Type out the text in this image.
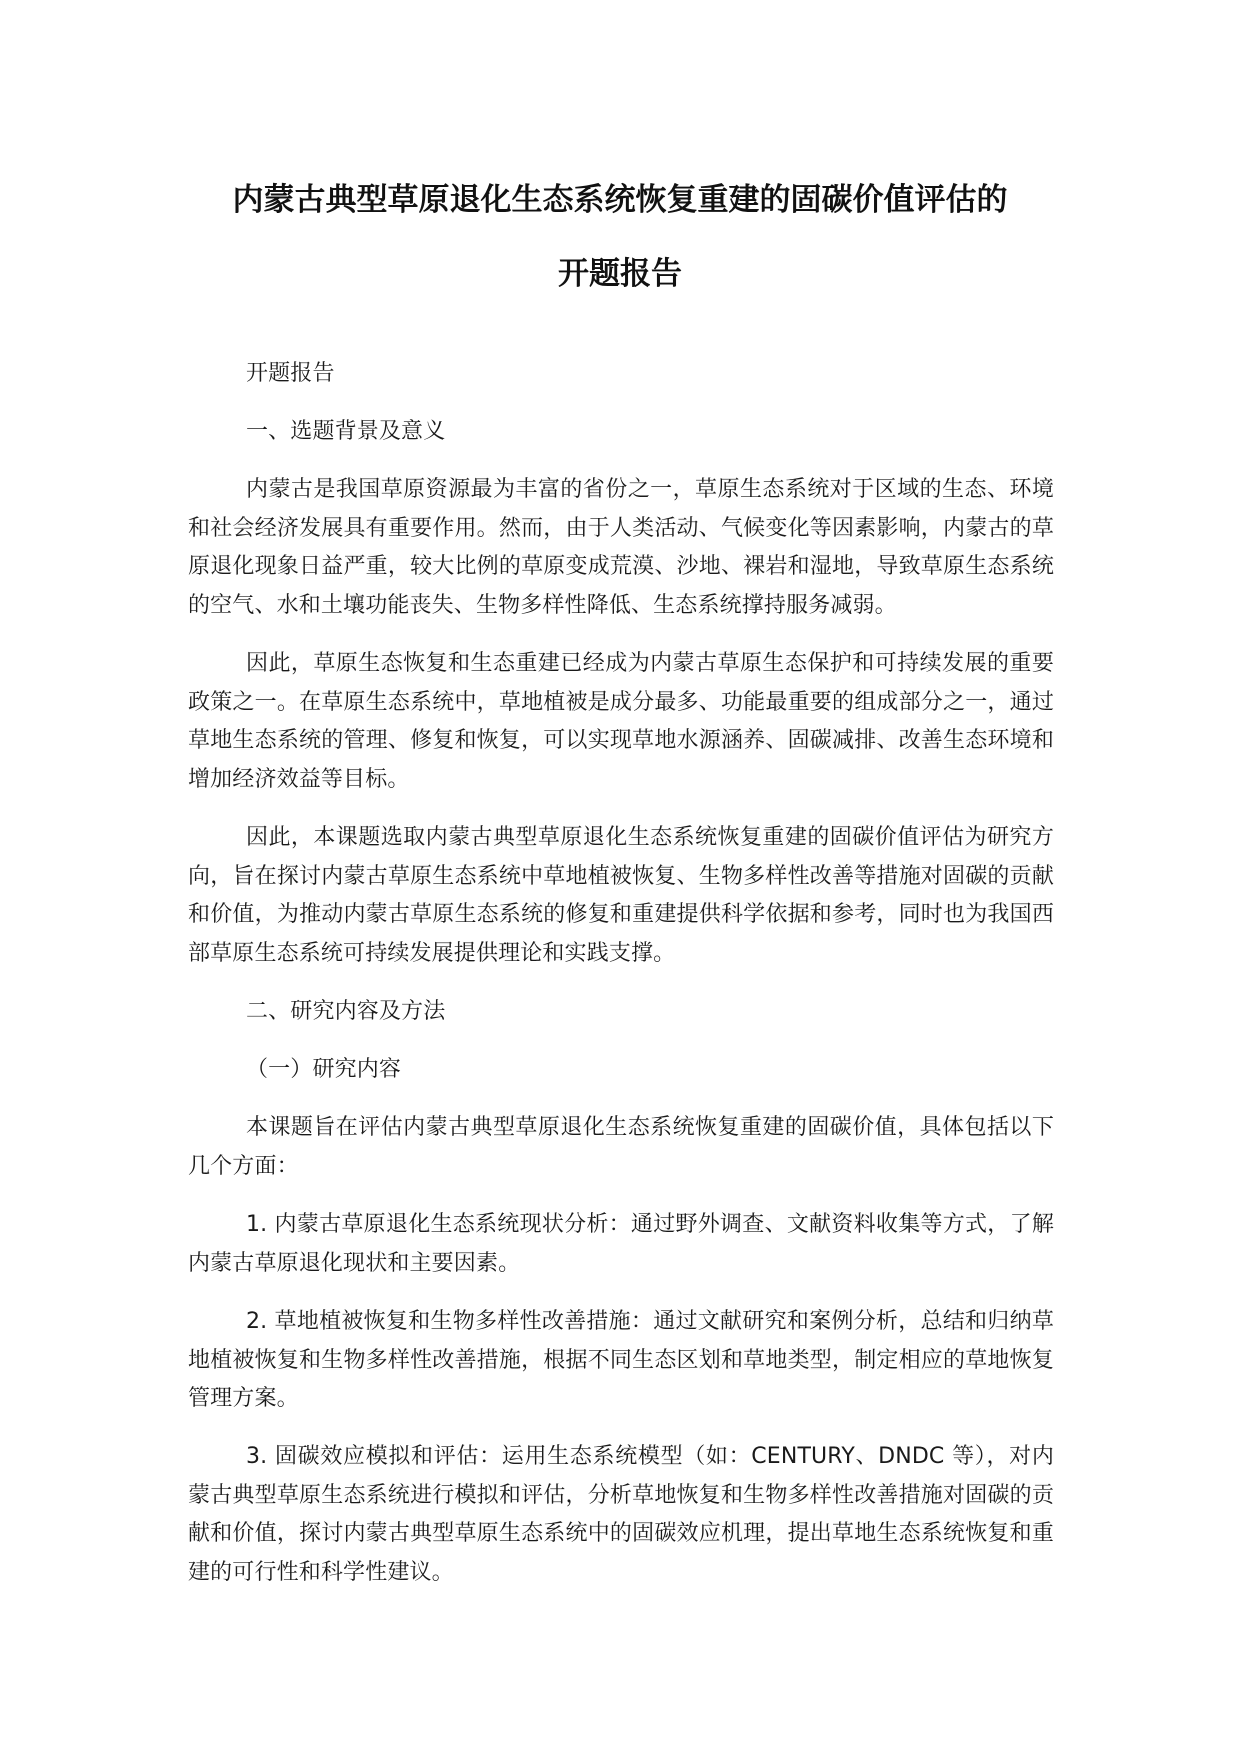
内蒙古典型草原退化生态系统恢复重建的固碳价值评估的
开题报告

开题报告

一、选题背景及意义

内蒙古是我国草原资源最为丰富的省份之一，草原生态系统对于区域的生态、环境和社会经济发展具有重要作用。然而，由于人类活动、气候变化等因素影响，内蒙古的草原退化现象日益严重，较大比例的草原变成荒漠、沙地、裸岩和湿地，导致草原生态系统的空气、水和土壤功能丧失、生物多样性降低、生态系统撑持服务减弱。

因此，草原生态恢复和生态重建已经成为内蒙古草原生态保护和可持续发展的重要政策之一。在草原生态系统中，草地植被是成分最多、功能最重要的组成部分之一，通过草地生态系统的管理、修复和恢复，可以实现草地水源涵养、固碳减排、改善生态环境和增加经济效益等目标。

因此，本课题选取内蒙古典型草原退化生态系统恢复重建的固碳价值评估为研究方向，旨在探讨内蒙古草原生态系统中草地植被恢复、生物多样性改善等措施对固碳的贡献和价值，为推动内蒙古草原生态系统的修复和重建提供科学依据和参考，同时也为我国西部草原生态系统可持续发展提供理论和实践支撑。

二、研究内容及方法

（一）研究内容

本课题旨在评估内蒙古典型草原退化生态系统恢复重建的固碳价值，具体包括以下几个方面：

1. 内蒙古草原退化生态系统现状分析：通过野外调查、文献资料收集等方式，了解内蒙古草原退化现状和主要因素。

2. 草地植被恢复和生物多样性改善措施：通过文献研究和案例分析，总结和归纳草地植被恢复和生物多样性改善措施，根据不同生态区划和草地类型，制定相应的草地恢复管理方案。

3. 固碳效应模拟和评估：运用生态系统模型（如：CENTURY、DNDC 等），对内蒙古典型草原生态系统进行模拟和评估，分析草地恢复和生物多样性改善措施对固碳的贡献和价值，探讨内蒙古典型草原生态系统中的固碳效应机理，提出草地生态系统恢复和重建的可行性和科学性建议。
